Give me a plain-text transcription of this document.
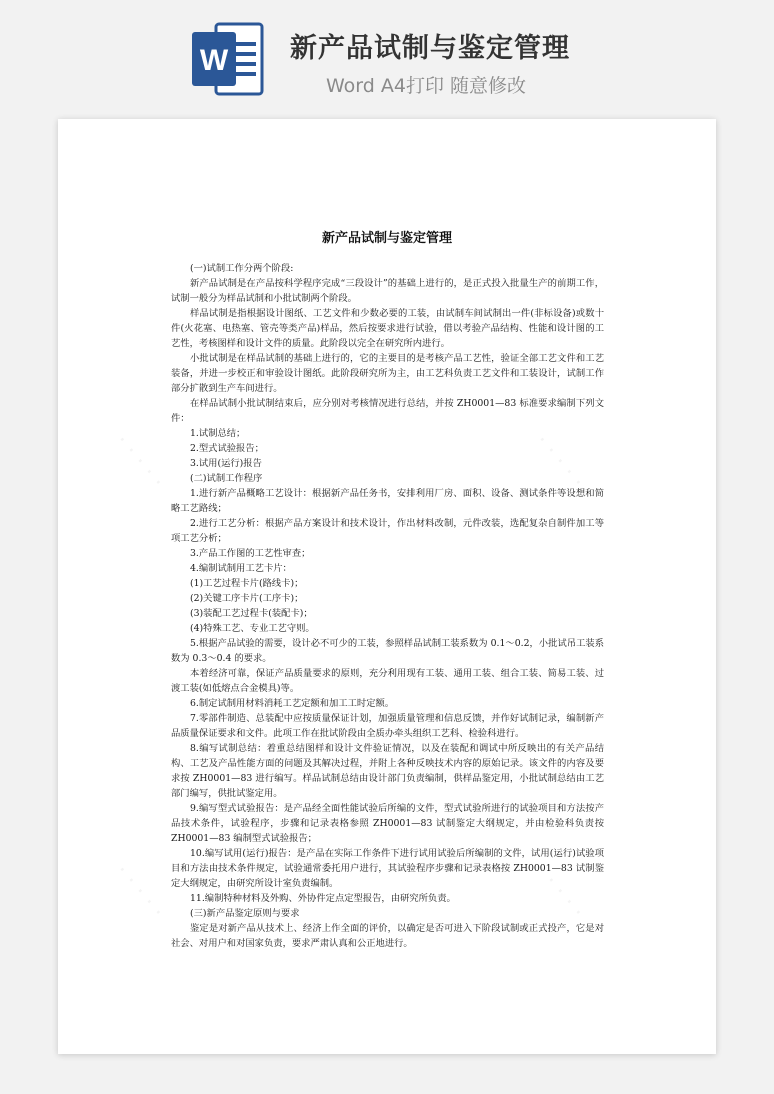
W 新产品试制与鉴定管理
Word A4打印 随意修改
· · · · ·	· · · · ·
· · · · ·	· · · · ·
新产品试制与鉴定管理

(一)试制工作分两个阶段:

新产品试制是在产品按科学程序完成“三段设计”的基础上进行的，是正式投入批量生产的前期工作，试制一般分为样品试制和小批试制两个阶段。

样品试制是指根据设计图纸、工艺文件和少数必要的工装，由试制车间试制出一件(非标设备)或数十件(火花塞、电热塞、管壳等类产品)样品，然后按要求进行试验，借以考验产品结构、性能和设计图的工艺性，考核图样和设计文件的质量。此阶段以完全在研究所内进行。

小批试制是在样品试制的基础上进行的，它的主要目的是考核产品工艺性，验证全部工艺文件和工艺装备，并进一步校正和审验设计图纸。此阶段研究所为主，由工艺科负责工艺文件和工装设计，试制工作部分扩散到生产车间进行。

在样品试制小批试制结束后，应分别对考核情况进行总结，并按 ZH0001—83 标准要求编制下列文件：

1.试制总结；

2.型式试验报告；

3.试用(运行)报告

(二)试制工作程序

1.进行新产品概略工艺设计：根据新产品任务书，安排利用厂房、面积、设备、测试条件等设想和简略工艺路线；

2.进行工艺分析：根据产品方案设计和技术设计，作出材料改制，元件改装，选配复杂自制件加工等项工艺分析；

3.产品工作图的工艺性审查；

4.编制试制用工艺卡片：

(1)工艺过程卡片(路线卡)；

(2)关键工序卡片(工序卡)；

(3)装配工艺过程卡(装配卡)；

(4)特殊工艺、专业工艺守则。

5.根据产品试验的需要，设计必不可少的工装，参照样品试制工装系数为 0.1～0.2，小批试吊工装系数为 0.3～0.4 的要求。

本着经济可靠，保证产品质量要求的原则，充分利用现有工装、通用工装、组合工装、简易工装、过渡工装(如低熔点合金模具)等。

6.制定试制用材料消耗工艺定额和加工工时定额。

7.零部件制造、总装配中应按质量保证计划，加强质量管理和信息反馈，并作好试制记录，编制新产品质量保证要求和文件。此项工作在批试阶段由全质办牵头组织工艺科、检验科进行。

8.编写试制总结：着重总结图样和设计文件验证情况，以及在装配和调试中所反映出的有关产品结构、工艺及产品性能方面的问题及其解决过程，并附上各种反映技术内容的原始记录。该文件的内容及要求按 ZH0001—83 进行编写。样品试制总结由设计部门负责编制，供样品鉴定用，小批试制总结由工艺部门编写，供批试鉴定用。

9.编写型式试验报告：是产品经全面性能试验后所编的文件，型式试验所进行的试验项目和方法按产品技术条件，试验程序，步骤和记录表格参照 ZH0001—83 试制鉴定大纲规定，并由检验科负责按 ZH0001—83 编制型式试验报告；

10.编写试用(运行)报告：是产品在实际工作条件下进行试用试验后所编制的文件，试用(运行)试验项目和方法由技术条件规定，试验通常委托用户进行，其试验程序步骤和记录表格按 ZH0001—83 试制鉴定大纲规定，由研究所设计室负责编制。

11.编制特种材料及外购、外协件定点定型报告，由研究所负责。

(三)新产品鉴定原则与要求

鉴定是对新产品从技术上、经济上作全面的评价，以确定是否可进入下阶段试制或正式投产，它是对社会、对用户和对国家负责，要求严肃认真和公正地进行。
